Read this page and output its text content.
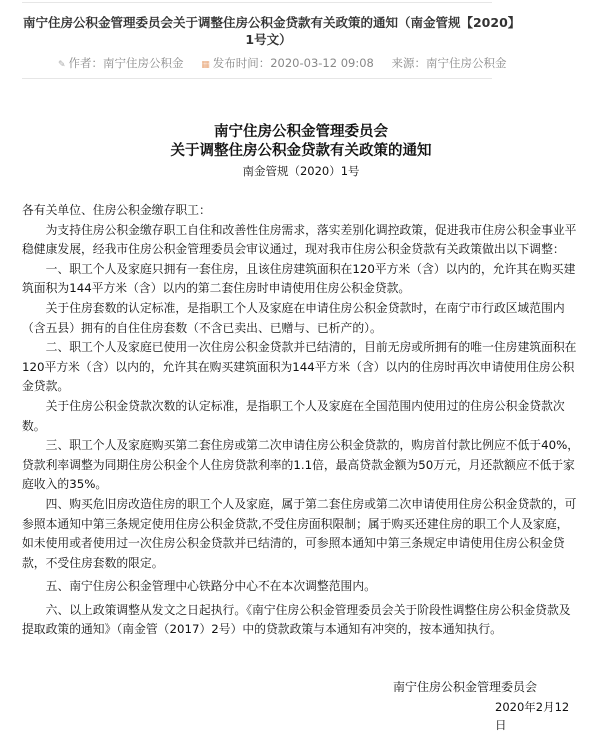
南宁住房公积金管理委员会关于调整住房公积金贷款有关政策的通知（南金管规【2020】1号文）
✎ 作者：南宁住房公积金 ▦ 发布时间：2020-03-12 09:08 来源：南宁住房公积金
南宁住房公积金管理委员会
关于调整住房公积金贷款有关政策的通知
南金管规（2020）1号

各有关单位、住房公积金缴存职工：

为支持住房公积金缴存职工自住和改善性住房需求，落实差别化调控政策，促进我市住房公积金事业平稳健康发展，经我市住房公积金管理委员会审议通过，现对我市住房公积金贷款有关政策做出以下调整：

一、职工个人及家庭只拥有一套住房，且该住房建筑面积在120平方米（含）以内的，允许其在购买建筑面积为144平方米（含）以内的第二套住房时申请使用住房公积金贷款。

关于住房套数的认定标准，是指职工个人及家庭在申请住房公积金贷款时，在南宁市行政区域范围内（含五县）拥有的自住住房套数（不含已卖出、已赠与、已析产的）。

二、职工个人及家庭已使用一次住房公积金贷款并已结清的，目前无房或所拥有的唯一住房建筑面积在120平方米（含）以内的，允许其在购买建筑面积为144平方米（含）以内的住房时再次申请使用住房公积金贷款。

关于住房公积金贷款次数的认定标准，是指职工个人及家庭在全国范围内使用过的住房公积金贷款次数。

三、职工个人及家庭购买第二套住房或第二次申请住房公积金贷款的，购房首付款比例应不低于40%，贷款利率调整为同期住房公积金个人住房贷款利率的1.1倍，最高贷款金额为50万元，月还款额应不低于家庭收入的35%。

四、购买危旧房改造住房的职工个人及家庭，属于第二套住房或第二次申请使用住房公积金贷款的，可参照本通知中第三条规定使用住房公积金贷款,不受住房面积限制；属于购买还建住房的职工个人及家庭，如未使用或者使用过一次住房公积金贷款并已结清的，可参照本通知中第三条规定申请使用住房公积金贷款，不受住房套数的限定。

五、南宁住房公积金管理中心铁路分中心不在本次调整范围内。

六、以上政策调整从发文之日起执行。《南宁住房公积金管理委员会关于阶段性调整住房公积金贷款及提取政策的通知》（南金管（2017）2号）中的贷款政策与本通知有冲突的，按本通知执行。

南宁住房公积金管理委员会
2020年2月12日
